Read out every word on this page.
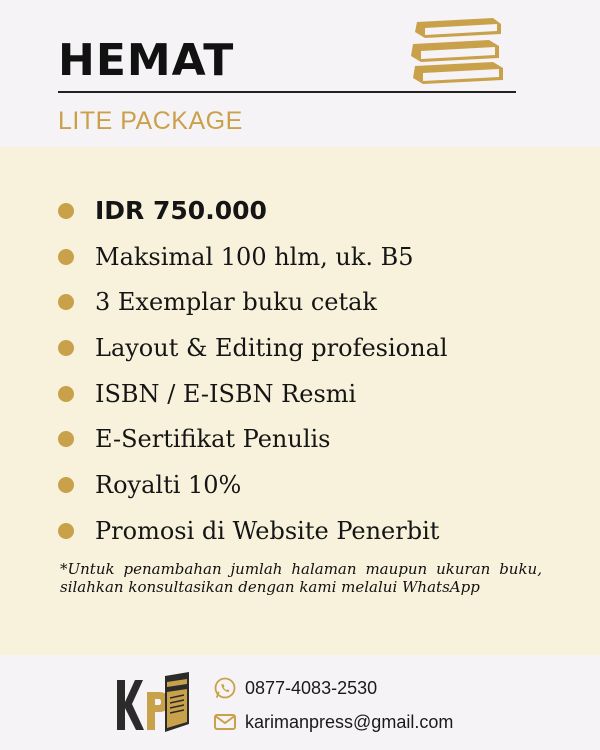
HEMAT
LITE PACKAGE
IDR 750.000
Maksimal 100 hlm, uk. B5
3 Exemplar buku cetak
Layout & Editing profesional
ISBN / E-ISBN Resmi
E-Sertifikat Penulis
Royalti 10%
Promosi di Website Penerbit

*Untuk penambahan jumlah halaman maupun ukuran buku, silahkan konsultasikan dengan kami melalui WhatsApp

0877-4083-2530
karimanpress@gmail.com
